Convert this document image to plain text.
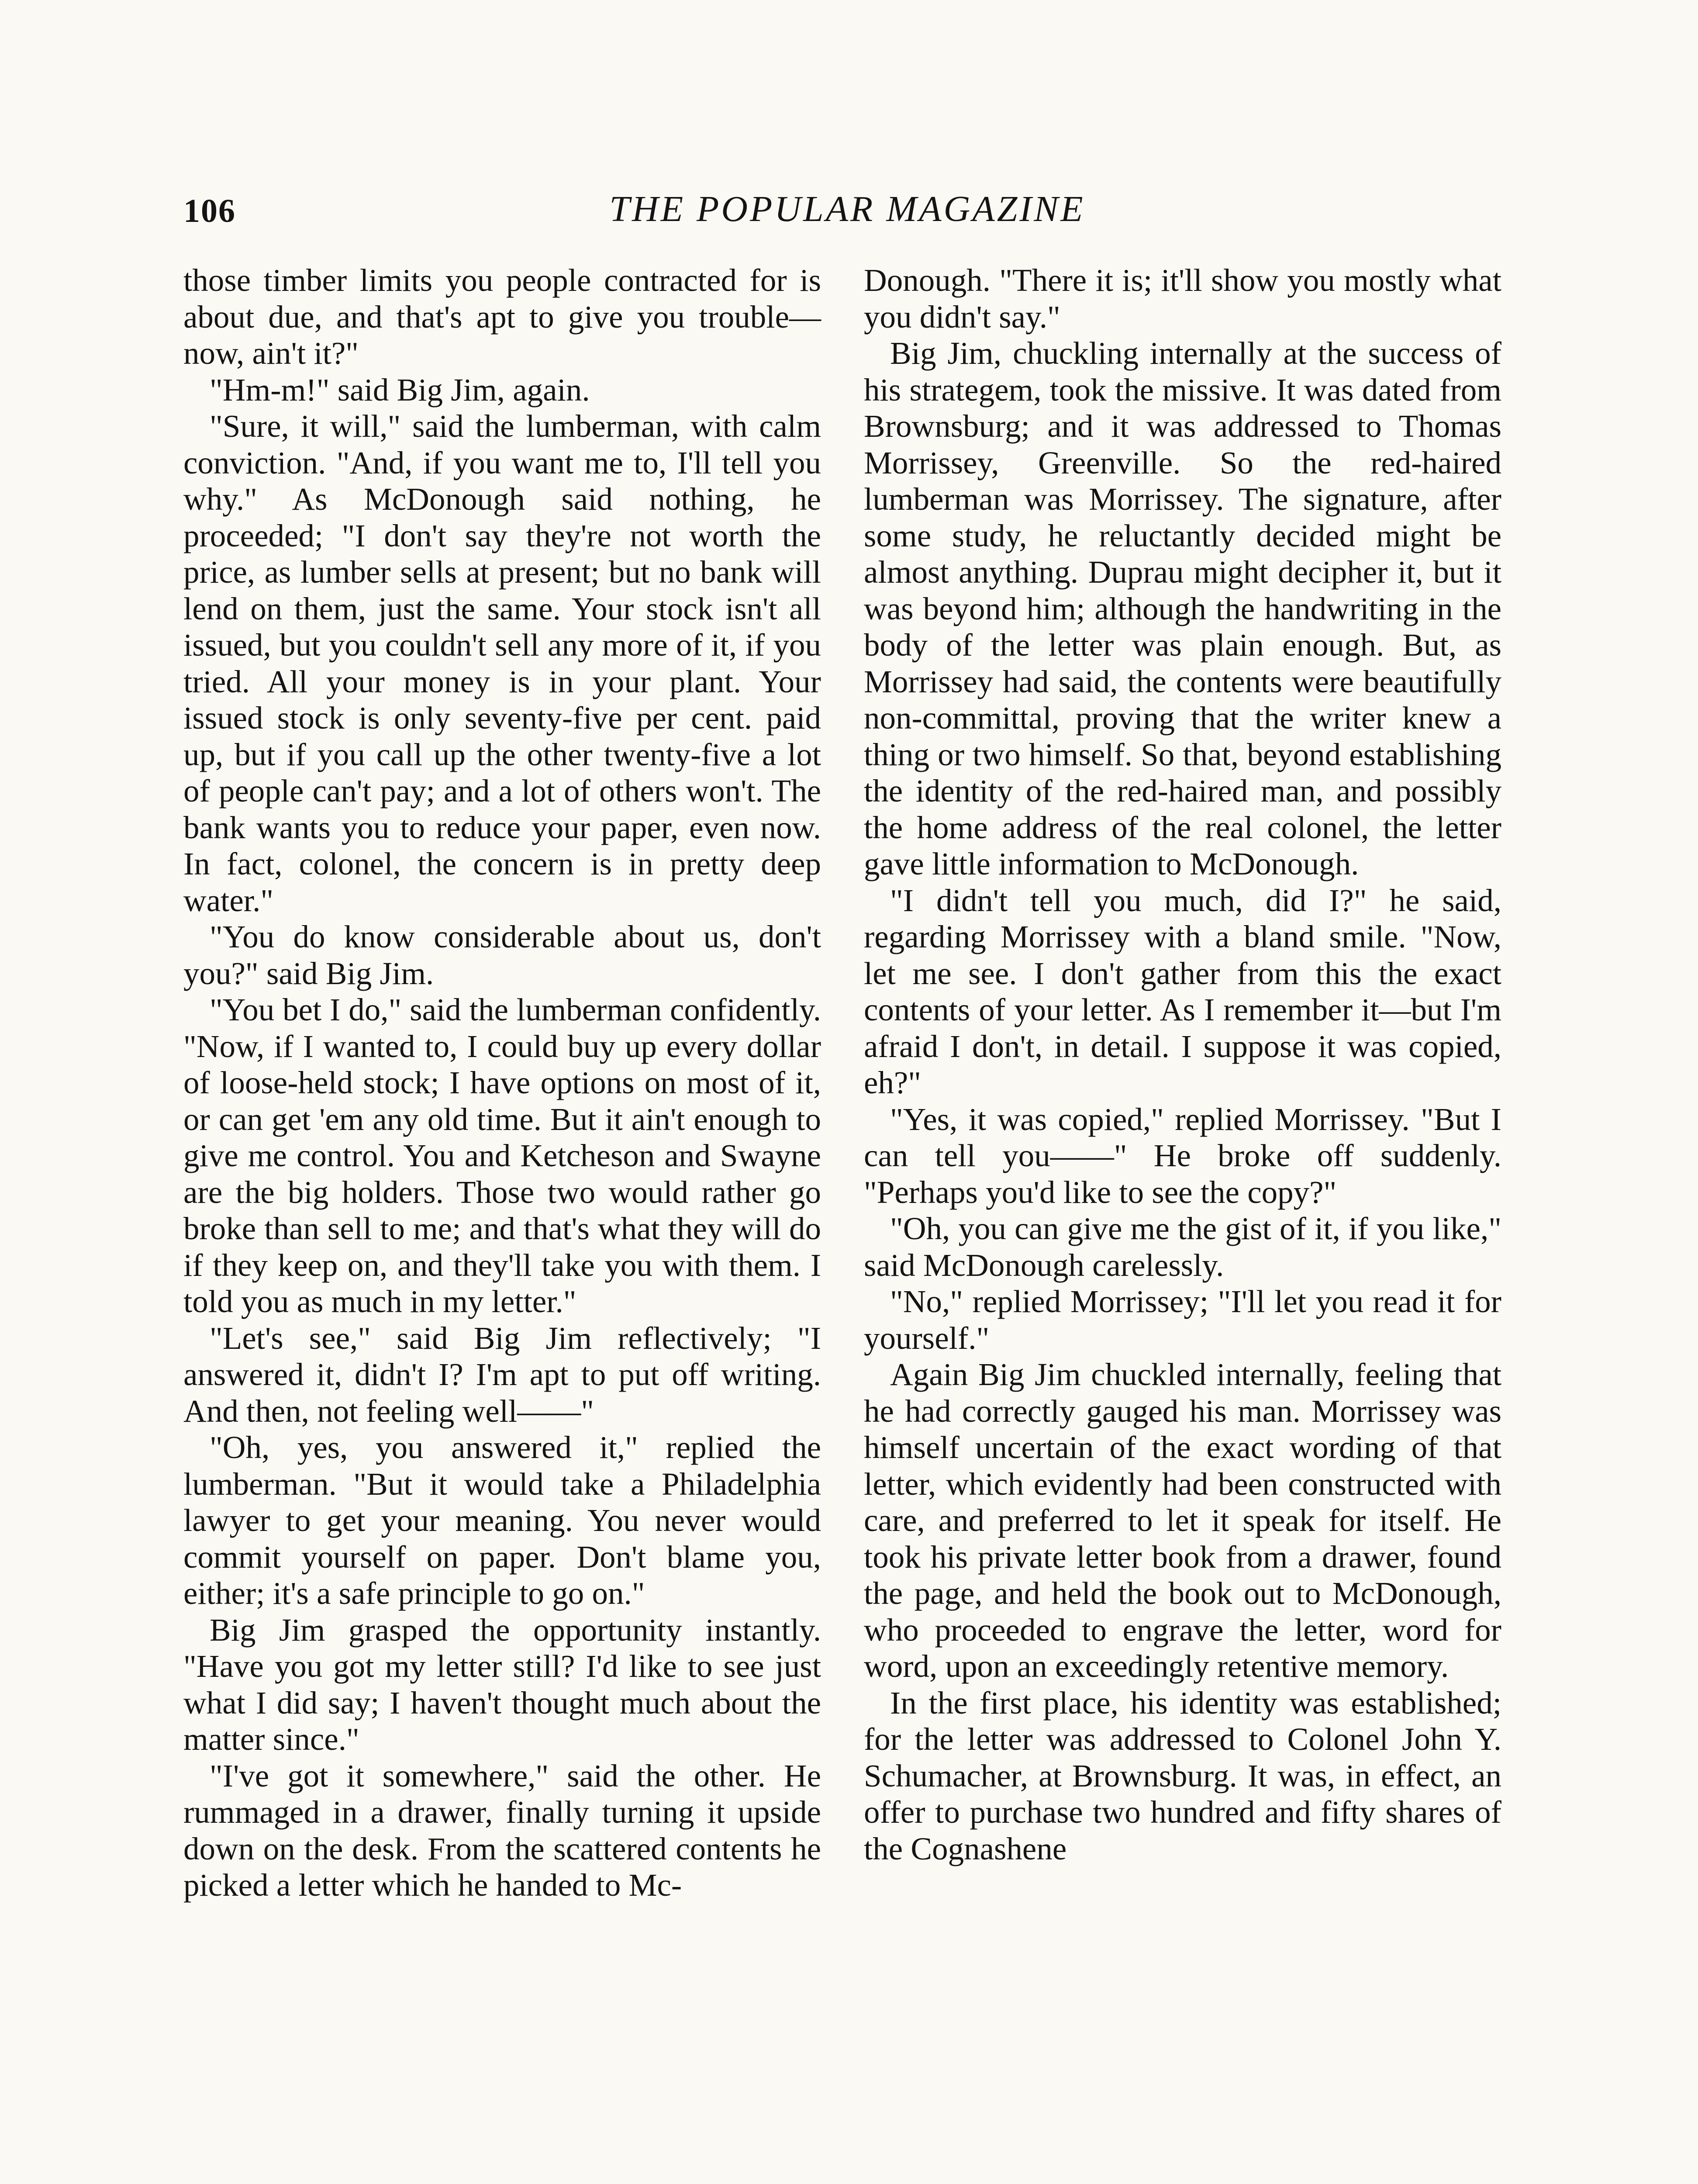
106	THE POPULAR MAGAZINE

those timber limits you people contracted for is about due, and that's apt to give you trouble—now, ain't it?"

"Hm-m!" said Big Jim, again.

"Sure, it will," said the lumberman, with calm conviction. "And, if you want me to, I'll tell you why." As McDonough said nothing, he proceeded; "I don't say they're not worth the price, as lumber sells at present; but no bank will lend on them, just the same. Your stock isn't all issued, but you couldn't sell any more of it, if you tried. All your money is in your plant. Your issued stock is only seventy-five per cent. paid up, but if you call up the other twenty-five a lot of people can't pay; and a lot of others won't. The bank wants you to reduce your paper, even now. In fact, colonel, the concern is in pretty deep water."

"You do know considerable about us, don't you?" said Big Jim.

"You bet I do," said the lumberman confidently. "Now, if I wanted to, I could buy up every dollar of loose-held stock; I have options on most of it, or can get 'em any old time. But it ain't enough to give me control. You and Ketcheson and Swayne are the big holders. Those two would rather go broke than sell to me; and that's what they will do if they keep on, and they'll take you with them. I told you as much in my letter."

"Let's see," said Big Jim reflectively; "I answered it, didn't I? I'm apt to put off writing. And then, not feeling well——"

"Oh, yes, you answered it," replied the lumberman. "But it would take a Philadelphia lawyer to get your meaning. You never would commit yourself on paper. Don't blame you, either; it's a safe principle to go on."

Big Jim grasped the opportunity instantly. "Have you got my letter still? I'd like to see just what I did say; I haven't thought much about the matter since."

"I've got it somewhere," said the other. He rummaged in a drawer, finally turning it upside down on the desk. From the scattered contents he picked a letter which he handed to Mc-

Donough. "There it is; it'll show you mostly what you didn't say."

Big Jim, chuckling internally at the success of his strategem, took the missive. It was dated from Brownsburg; and it was addressed to Thomas Morrissey, Greenville. So the red-haired lumberman was Morrissey. The signature, after some study, he reluctantly decided might be almost anything. Duprau might decipher it, but it was beyond him; although the handwriting in the body of the letter was plain enough. But, as Morrissey had said, the contents were beautifully non-committal, proving that the writer knew a thing or two himself. So that, beyond establishing the identity of the red-haired man, and possibly the home address of the real colonel, the letter gave little information to McDonough.

"I didn't tell you much, did I?" he said, regarding Morrissey with a bland smile. "Now, let me see. I don't gather from this the exact contents of your letter. As I remember it—but I'm afraid I don't, in detail. I suppose it was copied, eh?"

"Yes, it was copied," replied Morrissey. "But I can tell you——" He broke off suddenly. "Perhaps you'd like to see the copy?"

"Oh, you can give me the gist of it, if you like," said McDonough carelessly.

"No," replied Morrissey; "I'll let you read it for yourself."

Again Big Jim chuckled internally, feeling that he had correctly gauged his man. Morrissey was himself uncertain of the exact wording of that letter, which evidently had been constructed with care, and preferred to let it speak for itself. He took his private letter book from a drawer, found the page, and held the book out to McDonough, who proceeded to engrave the letter, word for word, upon an exceedingly retentive memory.

In the first place, his identity was established; for the letter was addressed to Colonel John Y. Schumacher, at Brownsburg. It was, in effect, an offer to purchase two hundred and fifty shares of the Cognashene
